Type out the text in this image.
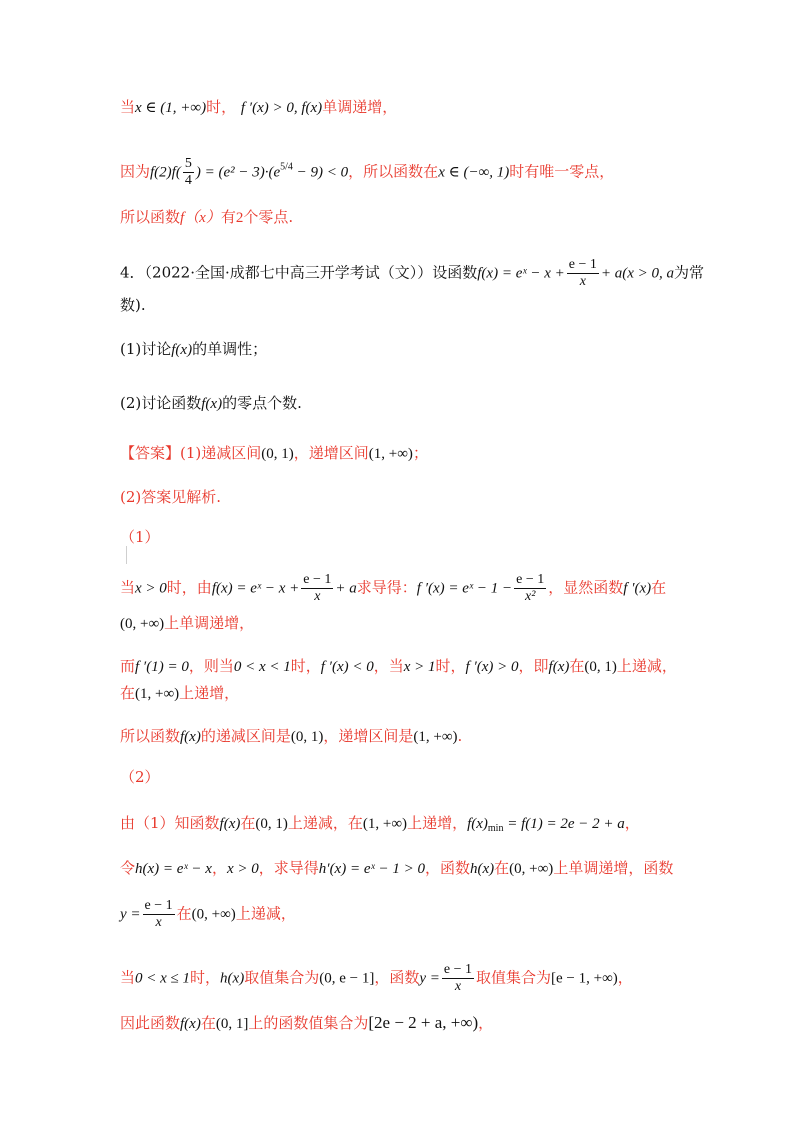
当x ∈ (1, +∞)时， f ′(x) > 0, f(x)单调递增，
因为$f(2)f( \frac{5}{4}$ ) = $(e^2 - 3)\cdot(e^{5/4} - 9) < 0$，所以函数在x ∈ (−∞, 1)时有唯一零点，
所以函数f（x）有2个零点.
4．（2022·全国·成都七中高三开学考试（文））设函数f(x) = eˣ − $x + \frac{e - 1}{x} + a(x > 0$, a为常
数).
(1)讨论f(x)的单调性；
(2)讨论函数f(x)的零点个数.
【答案】(1)递减区间(0, 1)，递增区间(1, +∞)；
(2)答案见解析.
（1）
当x > 0时，由f(x) = eˣ − $x + \frac{e - 1}{x} + a$求导得：f ′(x) = eˣ − $1 - \frac{e - 1}{\text{x²}}$ ，显然函数f ′(x)在
(0, +∞)上单调递增，
而f ′(1) = 0，则当0 < x < 1时，f ′(x) < 0，当x > 1时，f ′(x) > 0，即f(x)在(0, 1)上递减，
在(1, +∞)上递增，
所以函数f(x)的递减区间是(0, 1)，递增区间是(1, +∞).
（2）
由（1）知函数f(x)在(0, 1)上递减，在(1, +∞)上递增，$f(x)_{min} = f(1) = 2e - 2 + a$，
令h(x) = eˣ − x，x > 0，求导得h′(x) = eˣ − 1 > 0，函数h(x)在(0, +∞)上单调递增，函数
$y = \frac{e - 1}{x}$ 在(0, +∞)上递减，
当0 < x ≤ 1时，h(x)取值集合为(0, e − 1]，函数$y = \frac{e - 1}{x}$ 取值集合为[e − 1, +∞)，
因此函数f(x)在(0, 1]上的函数值集合为[2e − 2 + a, +∞)，
